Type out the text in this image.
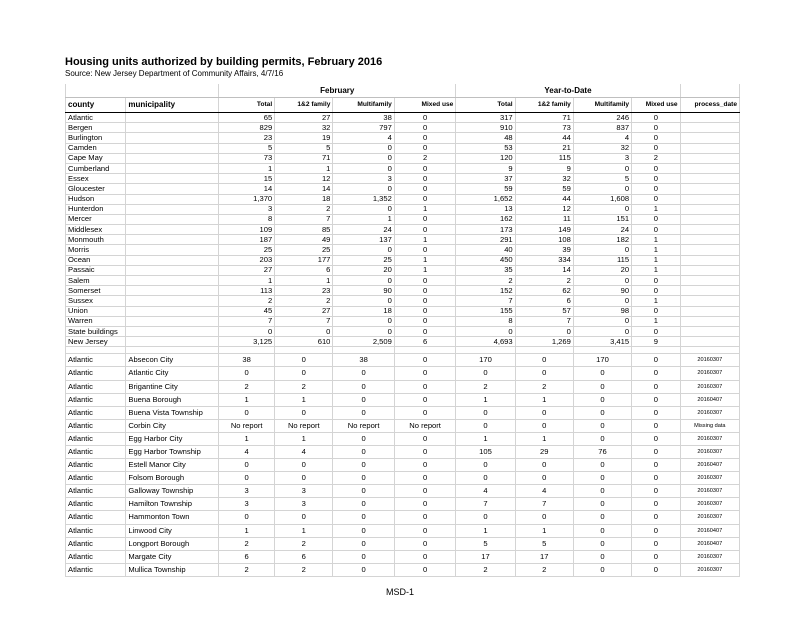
Housing units authorized by building permits, February 2016
Source: New Jersey Department of Community Affairs, 4/7/16
		February				Year-to-Date				
county	municipality	Total	1&2 family	Multifamily	Mixed use	Total	1&2 family	Multifamily	Mixed use	process_date
Atlantic		65	27	38	0	317	71	246	0	
Bergen		829	32	797	0	910	73	837	0	
Burlington		23	19	4	0	48	44	4	0	
Camden		5	5	0	0	53	21	32	0	
Cape May		73	71	0	2	120	115	3	2	
Cumberland		1	1	0	0	9	9	0	0	
Essex		15	12	3	0	37	32	5	0	
Gloucester		14	14	0	0	59	59	0	0	
Hudson		1,370	18	1,352	0	1,652	44	1,608	0	
Hunterdon		3	2	0	1	13	12	0	1	
Mercer		8	7	1	0	162	11	151	0	
Middlesex		109	85	24	0	173	149	24	0	
Monmouth		187	49	137	1	291	108	182	1	
Morris		25	25	0	0	40	39	0	1	
Ocean		203	177	25	1	450	334	115	1	
Passaic		27	6	20	1	35	14	20	1	
Salem		1	1	0	0	2	2	0	0	
Somerset		113	23	90	0	152	62	90	0	
Sussex		2	2	0	0	7	6	0	1	
Union		45	27	18	0	155	57	98	0	
Warren		7	7	0	0	8	7	0	1	
State buildings		0	0	0	0	0	0	0	0	
New Jersey		3,125	610	2,509	6	4,693	1,269	3,415	9	

Atlantic	Absecon City	38	0	38	0	170	0	170	0	20160307
Atlantic	Atlantic City	0	0	0	0	0	0	0	0	20160307
Atlantic	Brigantine City	2	2	0	0	2	2	0	0	20160307
Atlantic	Buena Borough	1	1	0	0	1	1	0	0	20160407
Atlantic	Buena Vista Township	0	0	0	0	0	0	0	0	20160307
Atlantic	Corbin City	No report	No report	No report	No report	0	0	0	0	Missing data
Atlantic	Egg Harbor City	1	1	0	0	1	1	0	0	20160307
Atlantic	Egg Harbor Township	4	4	0	0	105	29	76	0	20160307
Atlantic	Estell Manor City	0	0	0	0	0	0	0	0	20160407
Atlantic	Folsom Borough	0	0	0	0	0	0	0	0	20160307
Atlantic	Galloway Township	3	3	0	0	4	4	0	0	20160307
Atlantic	Hamilton Township	3	3	0	0	7	7	0	0	20160307
Atlantic	Hammonton Town	0	0	0	0	0	0	0	0	20160307
Atlantic	Linwood City	1	1	0	0	1	1	0	0	20160407
Atlantic	Longport Borough	2	2	0	0	5	5	0	0	20160407
Atlantic	Margate City	6	6	0	0	17	17	0	0	20160307
Atlantic	Mullica Township	2	2	0	0	2	2	0	0	20160307
MSD-1
